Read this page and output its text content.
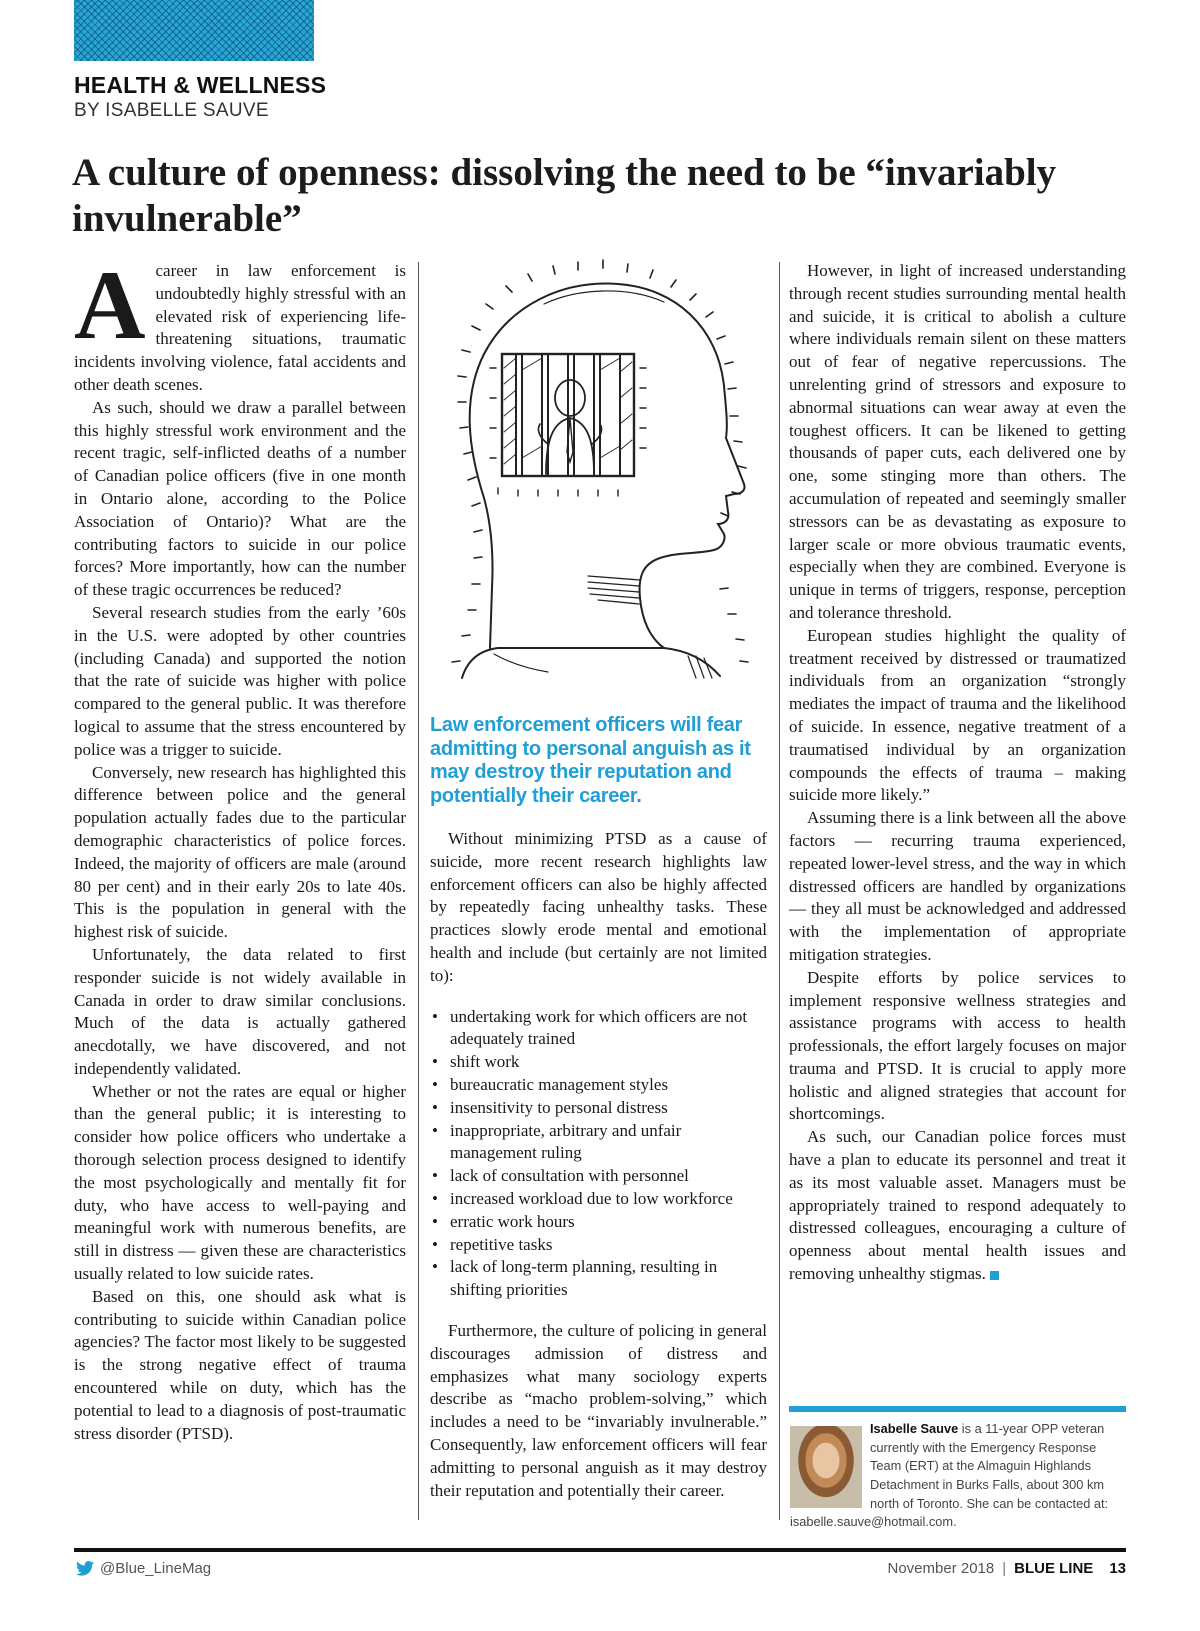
HEALTH & WELLNESS
BY ISABELLE SAUVE
A culture of openness: dissolving the need to be “invariably invulnerable”

A career in law enforcement is undoubtedly highly stressful with an elevated risk of experiencing life-threatening situations, traumatic incidents involving violence, fatal accidents and other death scenes.

As such, should we draw a parallel between this highly stressful work environment and the recent tragic, self-inflicted deaths of a number of Canadian police officers (five in one month in Ontario alone, according to the Police Association of Ontario)? What are the contributing factors to suicide in our police forces? More importantly, how can the number of these tragic occurrences be reduced?

Several research studies from the early ’60s in the U.S. were adopted by other countries (including Canada) and supported the notion that the rate of suicide was higher with police compared to the general public. It was therefore logical to assume that the stress encountered by police was a trigger to suicide.

Conversely, new research has highlighted this difference between police and the general population actually fades due to the particular demographic characteristics of police forces. Indeed, the majority of officers are male (around 80 per cent) and in their early 20s to late 40s. This is the population in general with the highest risk of suicide.

Unfortunately, the data related to first responder suicide is not widely available in Canada in order to draw similar conclusions. Much of the data is actually gathered anecdotally, we have discovered, and not independently validated.

Whether or not the rates are equal or higher than the general public; it is interesting to consider how police officers who undertake a thorough selection process designed to identify the most psychologically and mentally fit for duty, who have access to well-paying and meaningful work with numerous benefits, are still in distress — given these are characteristics usually related to low suicide rates.

Based on this, one should ask what is contributing to suicide within Canadian police agencies? The factor most likely to be suggested is the strong negative effect of trauma encountered while on duty, which has the potential to lead to a diagnosis of post-traumatic stress disorder (PTSD).

Law enforcement officers will fear admitting to personal anguish as it may destroy their reputation and potentially their career.

Without minimizing PTSD as a cause of suicide, more recent research highlights law enforcement officers can also be highly affected by repeatedly facing unhealthy tasks. These practices slowly erode mental and emotional health and include (but certainly are not limited to):

• undertaking work for which officers are not adequately trained
• shift work
• bureaucratic management styles
• insensitivity to personal distress
• inappropriate, arbitrary and unfair management ruling
• lack of consultation with personnel
• increased workload due to low workforce
• erratic work hours
• repetitive tasks
• lack of long-term planning, resulting in shifting priorities

Furthermore, the culture of policing in general discourages admission of distress and emphasizes what many sociology experts describe as “macho problem-solving,” which includes a need to be “invariably invulnerable.” Consequently, law enforcement officers will fear admitting to personal anguish as it may destroy their reputation and potentially their career.

However, in light of increased understanding through recent studies surrounding mental health and suicide, it is critical to abolish a culture where individuals remain silent on these matters out of fear of negative repercussions. The unrelenting grind of stressors and exposure to abnormal situations can wear away at even the toughest officers. It can be likened to getting thousands of paper cuts, each delivered one by one, some stinging more than others. The accumulation of repeated and seemingly smaller stressors can be as devastating as exposure to larger scale or more obvious traumatic events, especially when they are combined. Everyone is unique in terms of triggers, response, perception and tolerance threshold.

European studies highlight the quality of treatment received by distressed or traumatized individuals from an organization “strongly mediates the impact of trauma and the likelihood of suicide. In essence, negative treatment of a traumatised individual by an organization compounds the effects of trauma – making suicide more likely.”

Assuming there is a link between all the above factors — recurring trauma experienced, repeated lower-level stress, and the way in which distressed officers are handled by organizations — they all must be acknowledged and addressed with the implementation of appropriate mitigation strategies.

Despite efforts by police services to implement responsive wellness strategies and assistance programs with access to health professionals, the effort largely focuses on major trauma and PTSD. It is crucial to apply more holistic and aligned strategies that account for shortcomings.

As such, our Canadian police forces must have a plan to educate its personnel and treat it as its most valuable asset. Managers must be appropriately trained to respond adequately to distressed colleagues, encouraging a culture of openness about mental health issues and removing unhealthy stigmas.

Isabelle Sauve is a 11-year OPP veteran currently with the Emergency Response Team (ERT) at the Almaguin Highlands Detachment in Burks Falls, about 300 km north of Toronto. She can be contacted at:
isabelle.sauve@hotmail.com.
@Blue_LineMag	November 2018 | BLUE LINE 13
